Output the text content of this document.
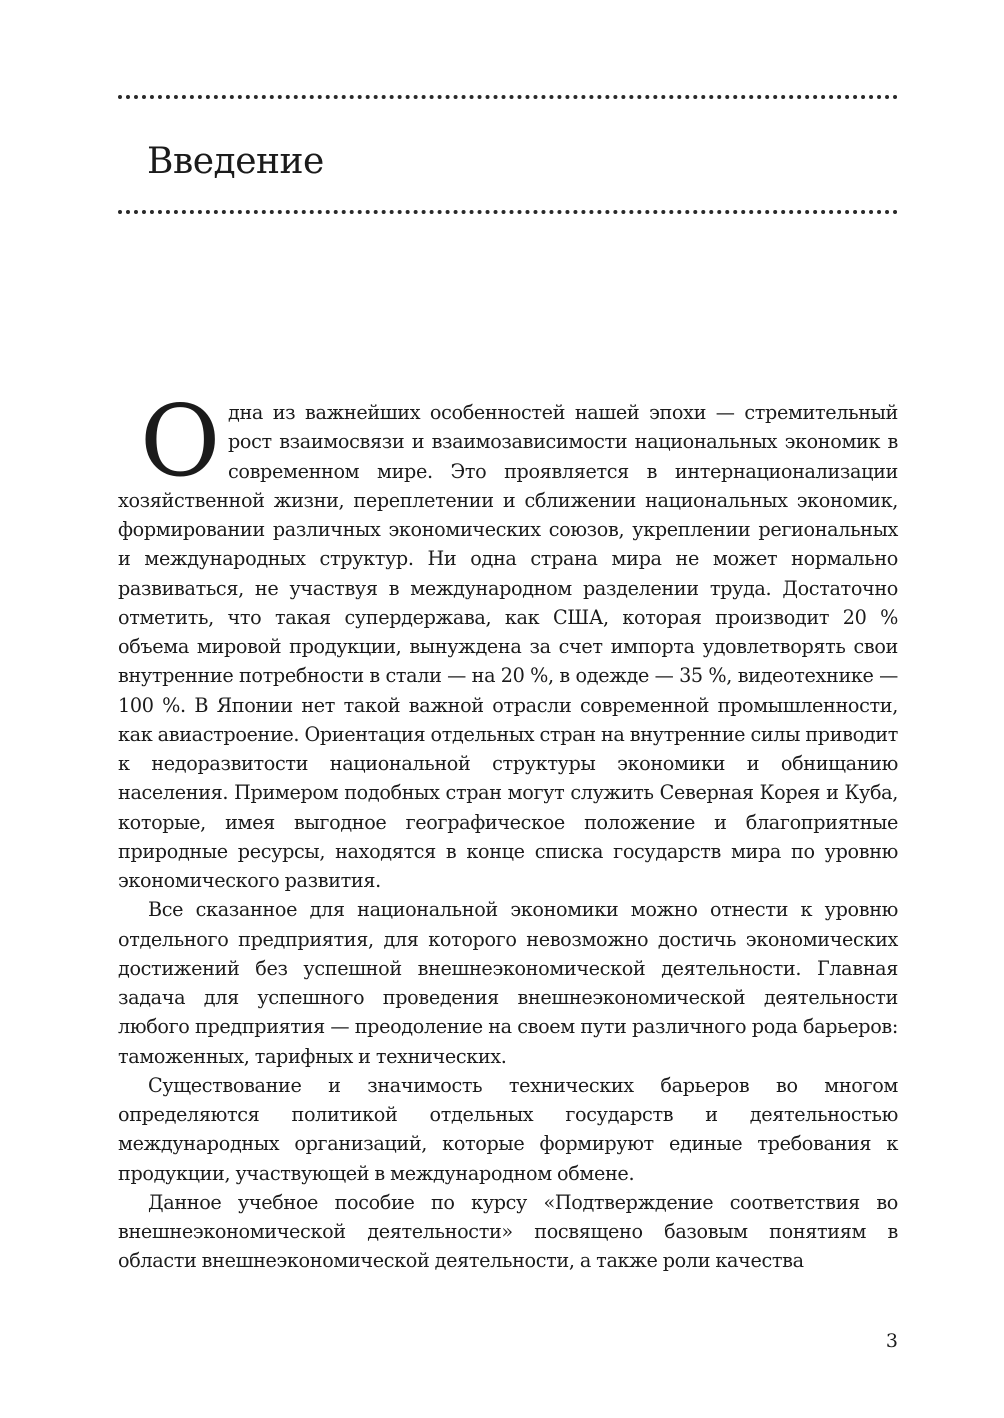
Введение

Одна из важнейших особенностей нашей эпохи — стремительный рост взаимосвязи и взаимозависимости национальных экономик в современном мире. Это проявляется в интернационализации хозяйственной жизни, переплетении и сближении национальных экономик, формировании различных экономических союзов, укреплении региональных и международных структур. Ни одна страна мира не может нормально развиваться, не участвуя в международном разделении труда. Достаточно отметить, что такая супердержава, как США, которая производит 20 % объема мировой продукции, вынуждена за счет импорта удовлетворять свои внутренние потребности в стали — на 20 %, в одежде — 35 %, видеотехнике — 100 %. В Японии нет такой важной отрасли современной промышленности, как авиастроение. Ориентация отдельных стран на внутренние силы приводит к недоразвитости национальной структуры экономики и обнищанию населения. Примером подобных стран могут служить Северная Корея и Куба, которые, имея выгодное географическое положение и благоприятные природные ресурсы, находятся в конце списка государств мира по уровню экономического развития.

Все сказанное для национальной экономики можно отнести к уровню отдельного предприятия, для которого невозможно достичь экономических достижений без успешной внешнеэкономической деятельности. Главная задача для успешного проведения внешнеэкономической деятельности любого предприятия — преодоление на своем пути различного рода барьеров: таможенных, тарифных и технических.

Существование и значимость технических барьеров во многом определяются политикой отдельных государств и деятельностью международных организаций, которые формируют единые требования к продукции, участвующей в международном обмене.

Данное учебное пособие по курсу «Подтверждение соответствия во внешнеэкономической деятельности» посвящено базовым понятиям в области внешнеэкономической деятельности, а также роли качества

3
